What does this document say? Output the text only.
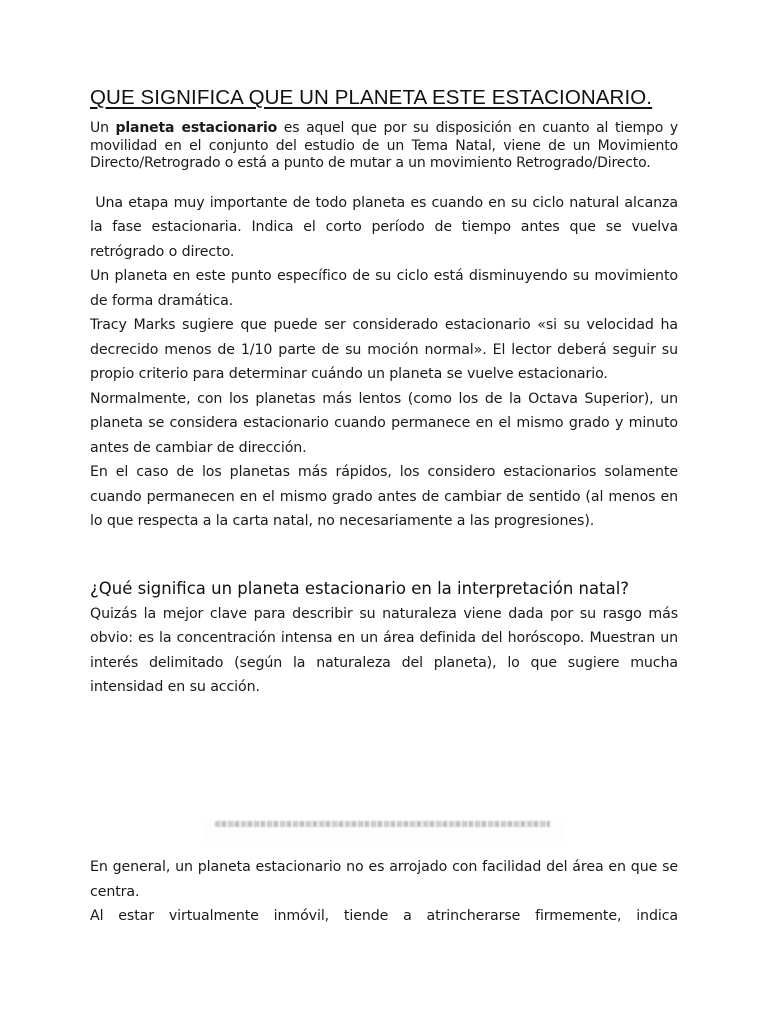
QUE SIGNIFICA QUE UN PLANETA ESTE ESTACIONARIO.

Un planeta estacionario es aquel que por su disposición en cuanto al tiempo y movilidad en el conjunto del estudio de un Tema Natal, viene de un Movimiento Directo/Retrogrado o está a punto de mutar a un movimiento Retrogrado/Directo.

Una etapa muy importante de todo planeta es cuando en su ciclo natural alcanza la fase estacionaria. Indica el corto período de tiempo antes que se vuelva retrógrado o directo.

Un planeta en este punto específico de su ciclo está disminuyendo su movimiento de forma dramática.

Tracy Marks sugiere que puede ser considerado estacionario «si su velocidad ha decrecido menos de 1/10 parte de su moción normal». El lector deberá seguir su propio criterio para determinar cuándo un planeta se vuelve estacionario.

Normalmente, con los planetas más lentos (como los de la Octava Superior), un planeta se considera estacionario cuando permanece en el mismo grado y minuto antes de cambiar de dirección.

En el caso de los planetas más rápidos, los considero estacionarios solamente cuando permanecen en el mismo grado antes de cambiar de sentido (al menos en lo que respecta a la carta natal, no necesariamente a las progresiones).

¿Qué significa un planeta estacionario en la interpretación natal?

Quizás la mejor clave para describir su naturaleza viene dada por su rasgo más obvio: es la concentración intensa en un área definida del horóscopo. Muestran un interés delimitado (según la naturaleza del planeta), lo que sugiere mucha intensidad en su acción.

En general, un planeta estacionario no es arrojado con facilidad del área en que se centra.

Al estar virtualmente inmóvil, tiende a atrincherarse firmemente, indica
